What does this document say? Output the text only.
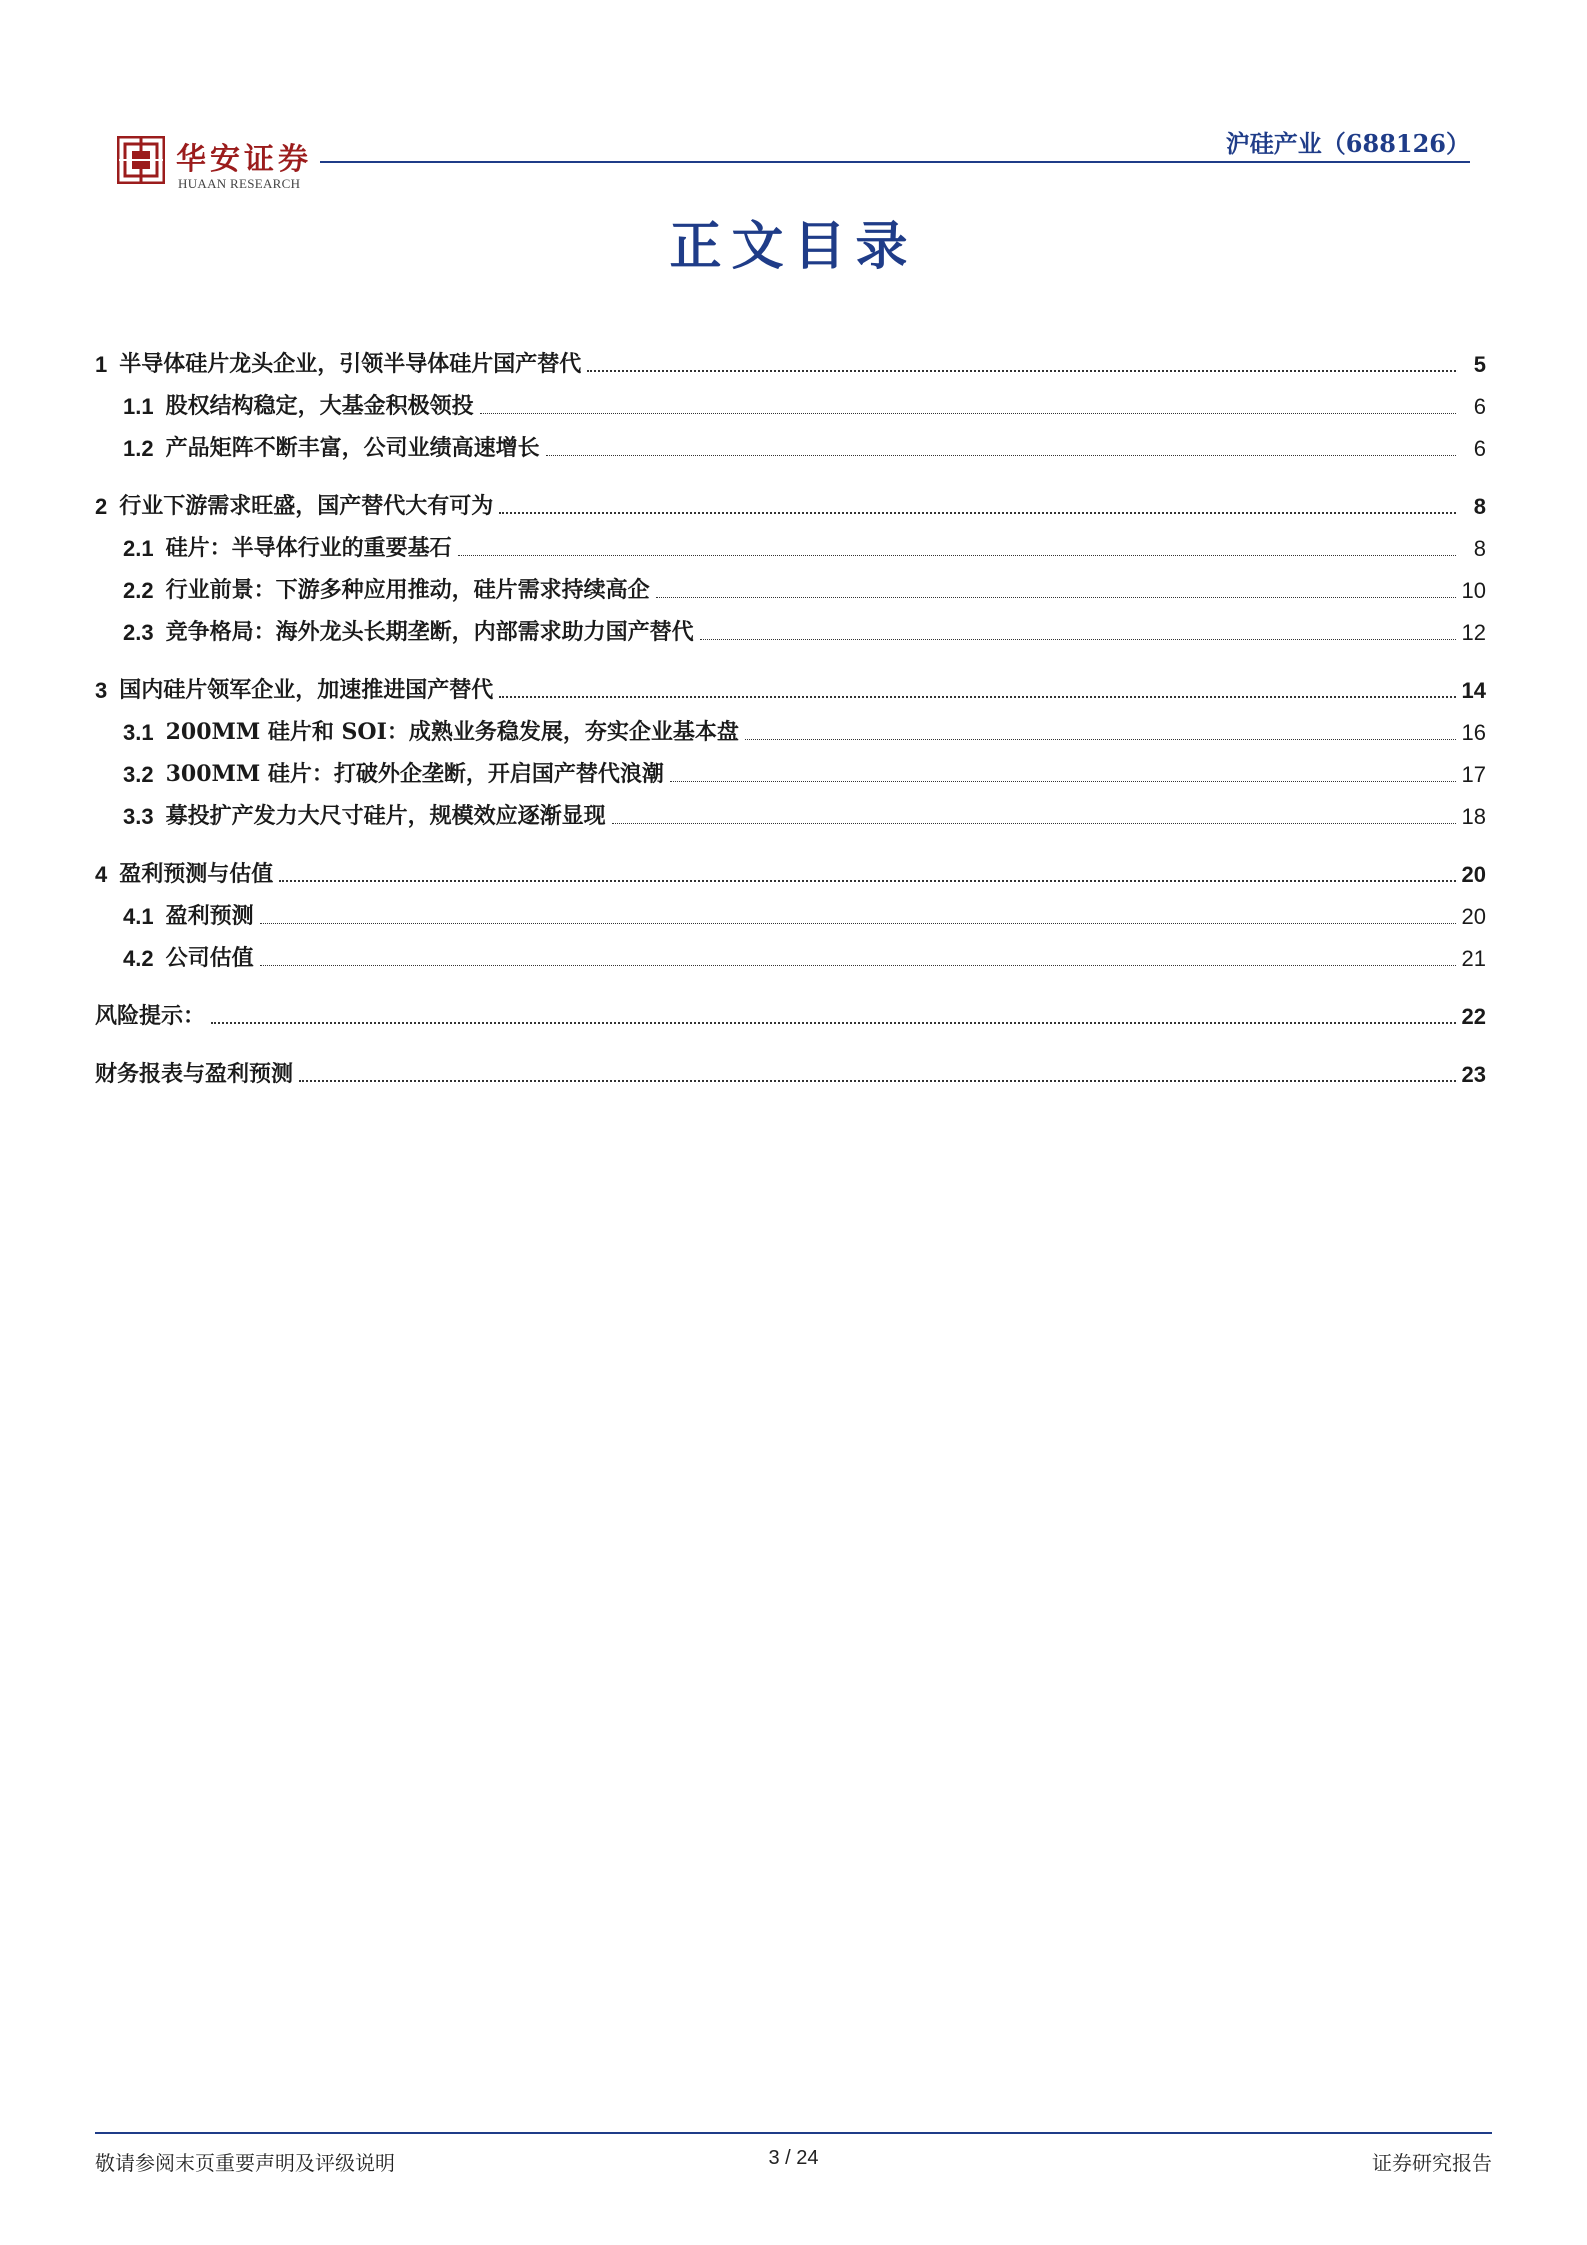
华安证券
HUAAN RESEARCH
沪硅产业（688126）
正文目录
1 半导体硅片龙头企业，引领半导体硅片国产替代	5
1.1 股权结构稳定，大基金积极领投	6
1.2 产品矩阵不断丰富，公司业绩高速增长	6
2 行业下游需求旺盛，国产替代大有可为	8
2.1 硅片：半导体行业的重要基石	8
2.2 行业前景：下游多种应用推动，硅片需求持续高企	10
2.3 竞争格局：海外龙头长期垄断，内部需求助力国产替代	12
3 国内硅片领军企业，加速推进国产替代	14
3.1 200MM 硅片和 SOI：成熟业务稳发展，夯实企业基本盘	16
3.2 300MM 硅片：打破外企垄断，开启国产替代浪潮	17
3.3 募投扩产发力大尺寸硅片，规模效应逐渐显现	18
4 盈利预测与估值	20
4.1 盈利预测	20
4.2 公司估值	21
风险提示：	22
财务报表与盈利预测	23
敬请参阅末页重要声明及评级说明	3 / 24	证券研究报告
